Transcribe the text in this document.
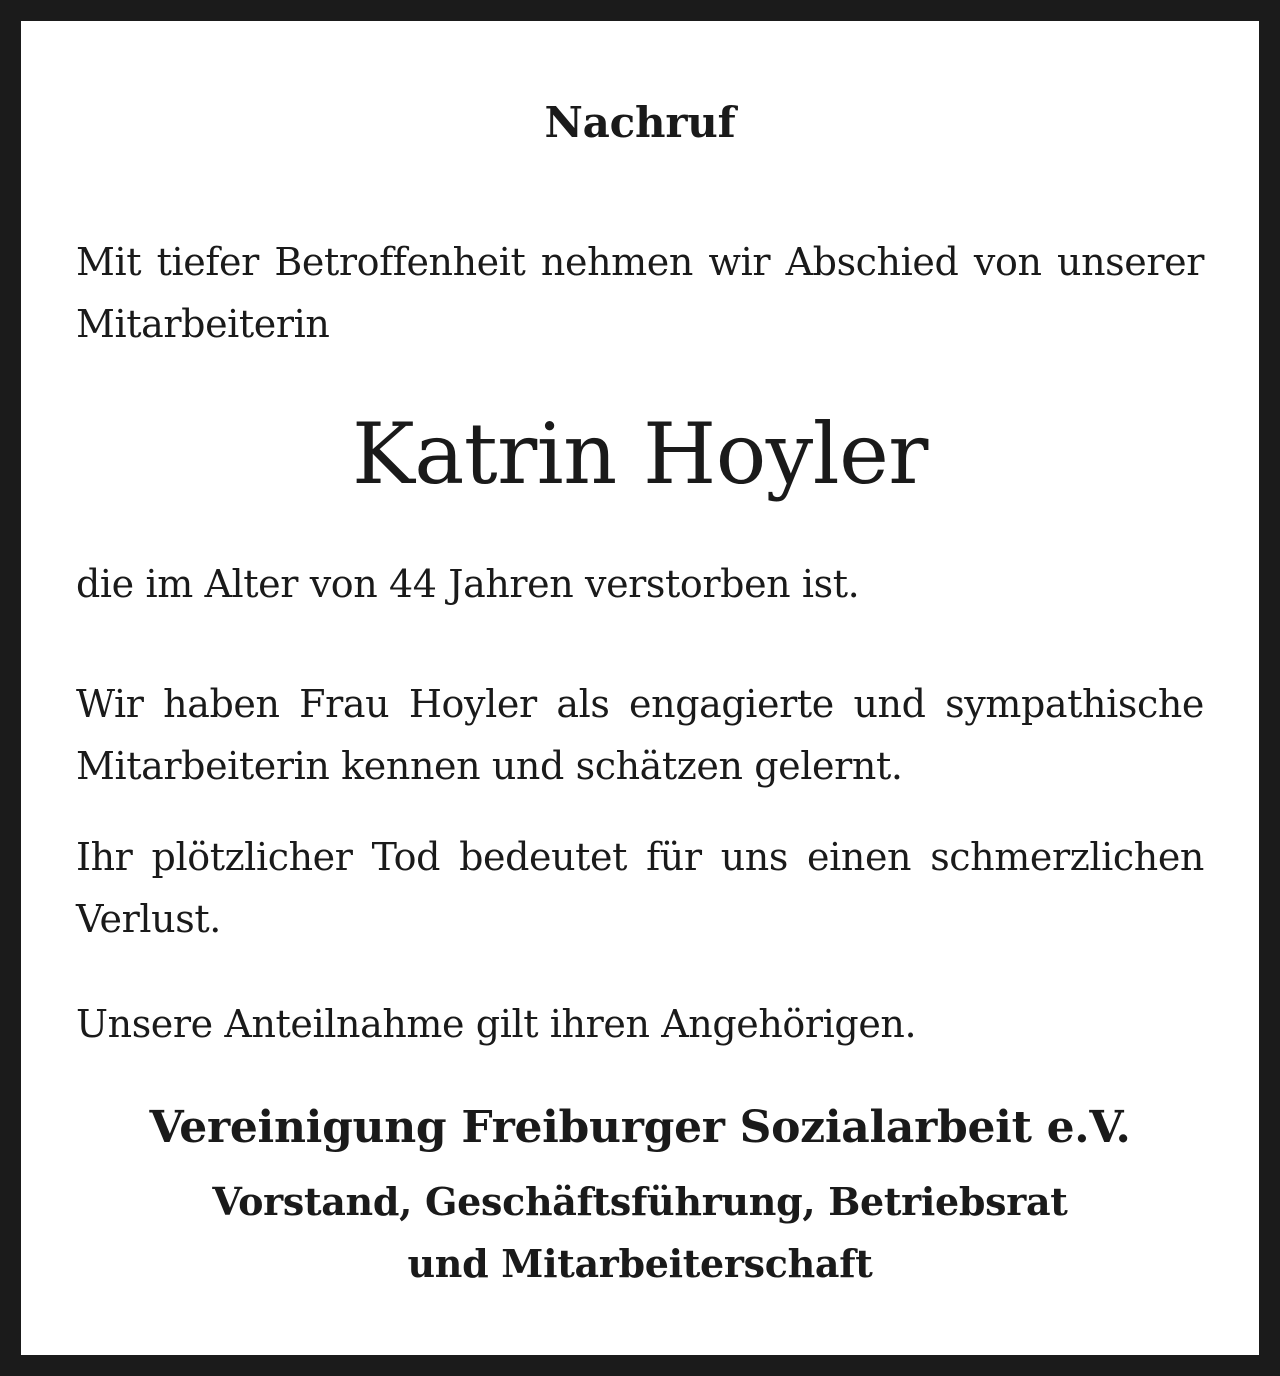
Nachruf

Mit tiefer Betroffenheit nehmen wir Abschied von unserer Mitarbeiterin

Katrin Hoyler

die im Alter von 44 Jahren verstorben ist.

Wir haben Frau Hoyler als engagierte und sympathische Mitarbeiterin kennen und schätzen gelernt.

Ihr plötzlicher Tod bedeutet für uns einen schmerzlichen Verlust.

Unsere Anteilnahme gilt ihren Angehörigen.

Vereinigung Freiburger Sozialarbeit e.V.

Vorstand, Geschäftsführung, Betriebsrat
und Mitarbeiterschaft
